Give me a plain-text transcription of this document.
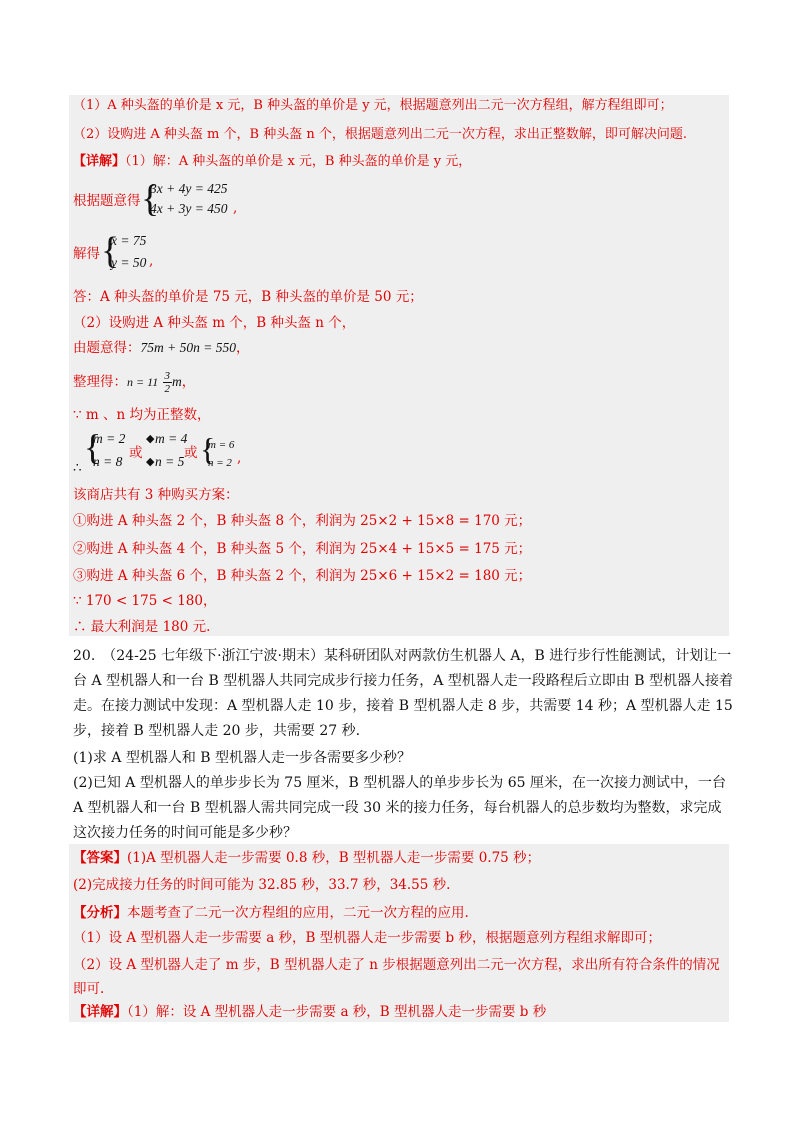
（1）A 种头盔的单价是 x 元，B 种头盔的单价是 y 元，根据题意列出二元一次方程组，解方程组即可；
（2）设购进 A 种头盔 m 个，B 种头盔 n 个，根据题意列出二元一次方程，求出正整数解，即可解决问题.
【详解】（1）解：A 种头盔的单价是 x 元，B 种头盔的单价是 y 元，
根据题意得 {
3x + 4y = 425
4x + 3y = 450 ,
解得 {
x = 75
y = 50 ,
答：A 种头盔的单价是 75 元，B 种头盔的单价是 50 元；
（2）设购进 A 种头盔 m 个，B 种头盔 n 个，
由题意得：75m + 50n = 550，
整理得：$n = 11 \frac{3}{2}$ m，
∵ m 、n 均为正整数，
∴
{
m = 2
n = 8
或
◆ m = 4
◆ n = 5
或 {
m = 6
n = 2 ,
该商店共有 3 种购买方案：
①购进 A 种头盔 2 个，B 种头盔 8 个，利润为 25×2 + 15×8 = 170 元；
②购进 A 种头盔 4 个，B 种头盔 5 个，利润为 25×4 + 15×5 = 175 元；
③购进 A 种头盔 6 个，B 种头盔 2 个，利润为 25×6 + 15×2 = 180 元；
∵ 170 < 175 < 180，
∴ 最大利润是 180 元.
20.　（24-25 七年级下·浙江宁波·期末）某科研团队对两款仿生机器人 A，B 进行步行性能测试，计划让一台 A 型机器人和一台 B 型机器人共同完成步行接力任务，A 型机器人走一段路程后立即由 B 型机器人接着走。在接力测试中发现：A 型机器人走 10 步，接着 B 型机器人走 8 步，共需要 14 秒；A 型机器人走 15 步，接着 B 型机器人走 20 步，共需要 27 秒.
(1)求 A 型机器人和 B 型机器人走一步各需要多少秒？
(2)已知 A 型机器人的单步步长为 75 厘米，B 型机器人的单步步长为 65 厘米，在一次接力测试中，一台 A 型机器人和一台 B 型机器人需共同完成一段 30 米的接力任务，每台机器人的总步数均为整数，求完成这次接力任务的时间可能是多少秒？
【答案】(1)A 型机器人走一步需要 0.8 秒，B 型机器人走一步需要 0.75 秒；
(2)完成接力任务的时间可能为 32.85 秒，33.7 秒，34.55 秒.
【分析】本题考查了二元一次方程组的应用，二元一次方程的应用.
（1）设 A 型机器人走一步需要 a 秒，B 型机器人走一步需要 b 秒，根据题意列方程组求解即可；
（2）设 A 型机器人走了 m 步，B 型机器人走了 n 步根据题意列出二元一次方程，求出所有符合条件的情况即可.
【详解】（1）解：设 A 型机器人走一步需要 a 秒，B 型机器人走一步需要 b 秒
